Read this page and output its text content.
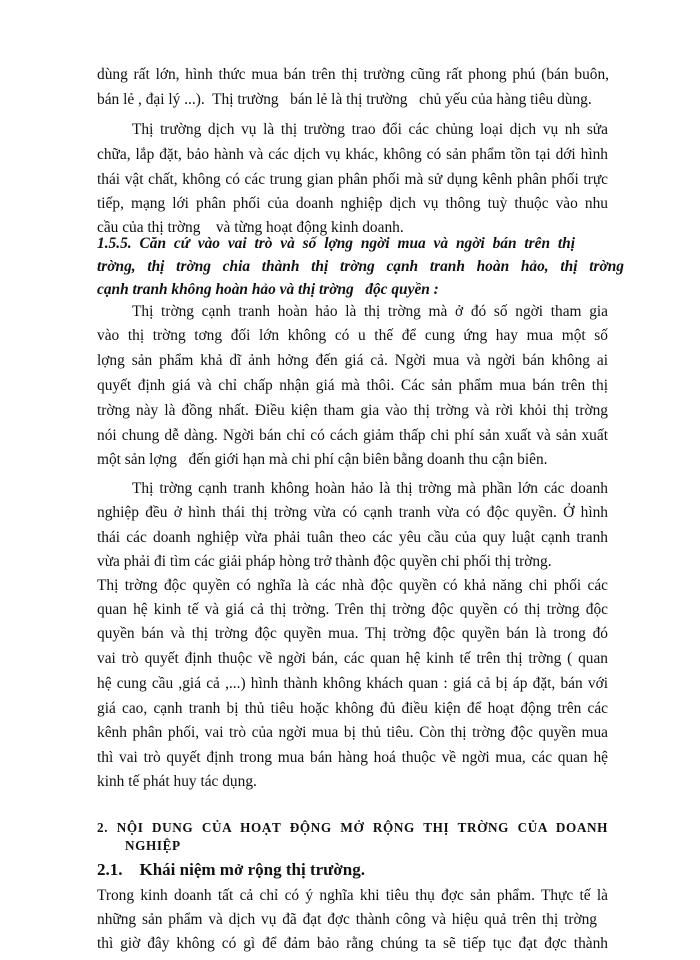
dùng rất lớn, hình thức mua bán trên thị trường cũng rất phong phú (bán buôn,
bán lẻ , đại lý ...).  Thị trường   bán lẻ là thị trường   chủ yếu của hàng tiêu dùng.
Thị trường dịch vụ là thị trường trao đổi các chủng loại dịch vụ nh sửa
chữa, lắp đặt, bảo hành và các dịch vụ khác, không có sản phẩm tồn tại dới hình
thái vật chất, không có các trung gian phân phối mà sử dụng kênh phân phối trực
tiếp, mạng lới phân phối của doanh nghiệp dịch vụ thông tuỳ thuộc vào nhu
cầu của thị trờng    và từng hoạt động kinh doanh.
1.5.5. Căn cứ vào vai trò và số lợng ngời mua và ngời bán trên thị
trờng, thị trờng chia thành thị trờng cạnh tranh hoàn hảo, thị trờng
cạnh tranh không hoàn hảo và thị trờng   độc quyền :
Thị trờng cạnh tranh hoàn hảo là thị trờng mà ở đó số ngời tham gia
vào thị trờng tơng đối lớn không có u thế để cung ứng hay mua một số
lợng sản phẩm khả dĩ ảnh hởng đến giá cả. Ngời mua và ngời bán không ai
quyết định giá và chỉ chấp nhận giá mà thôi. Các sản phẩm mua bán trên thị
trờng này là đồng nhất. Điều kiện tham gia vào thị trờng và rời khỏi thị trờng
nói chung dễ dàng. Ngời bán chỉ có cách giảm thấp chi phí sản xuất và sản xuất
một sản lợng   đến giới hạn mà chi phí cận biên bằng doanh thu cận biên.
Thị trờng cạnh tranh không hoàn hảo là thị trờng mà phần lớn các doanh
nghiệp đều ở hình thái thị trờng vừa có cạnh tranh vừa có độc quyền. Ở hình
thái các doanh nghiệp vừa phải tuân theo các yêu cầu của quy luật cạnh tranh
vừa phải đi tìm các giải pháp hòng trở thành độc quyền chi phối thị trờng.
Thị trờng độc quyền có nghĩa là các nhà độc quyền có khả năng chi phối các
quan hệ kinh tế và giá cả thị trờng. Trên thị trờng độc quyền có thị trờng độc
quyền bán và thị trờng độc quyền mua. Thị trờng độc quyền bán là trong đó
vai trò quyết định thuộc về ngời bán, các quan hệ kinh tế trên thị trờng ( quan
hệ cung cầu ,giá cả ,...) hình thành không khách quan : giá cả bị áp đặt, bán với
giá cao, cạnh tranh bị thủ tiêu hoặc không đủ điều kiện để hoạt động trên các
kênh phân phối, vai trò của ngời mua bị thủ tiêu. Còn thị trờng độc quyền mua
thì vai trò quyết định trong mua bán hàng hoá thuộc về ngời mua, các quan hệ
kinh tế phát huy tác dụng.
2. NỘI DUNG CỦA HOẠT ĐỘNG MỞ RỘNG THỊ TRỜNG CỦA DOANH
NGHIỆP
2.1.    Khái niệm mở rộng thị trường.
Trong kinh doanh tất cả chỉ có ý nghĩa khi tiêu thụ đợc sản phẩm. Thực tế là
những sản phẩm và dịch vụ đã đạt đợc thành công và hiệu quả trên thị trờng
thì giờ đây không có gì để đảm bảo rằng chúng ta sẽ tiếp tục đạt đợc thành
